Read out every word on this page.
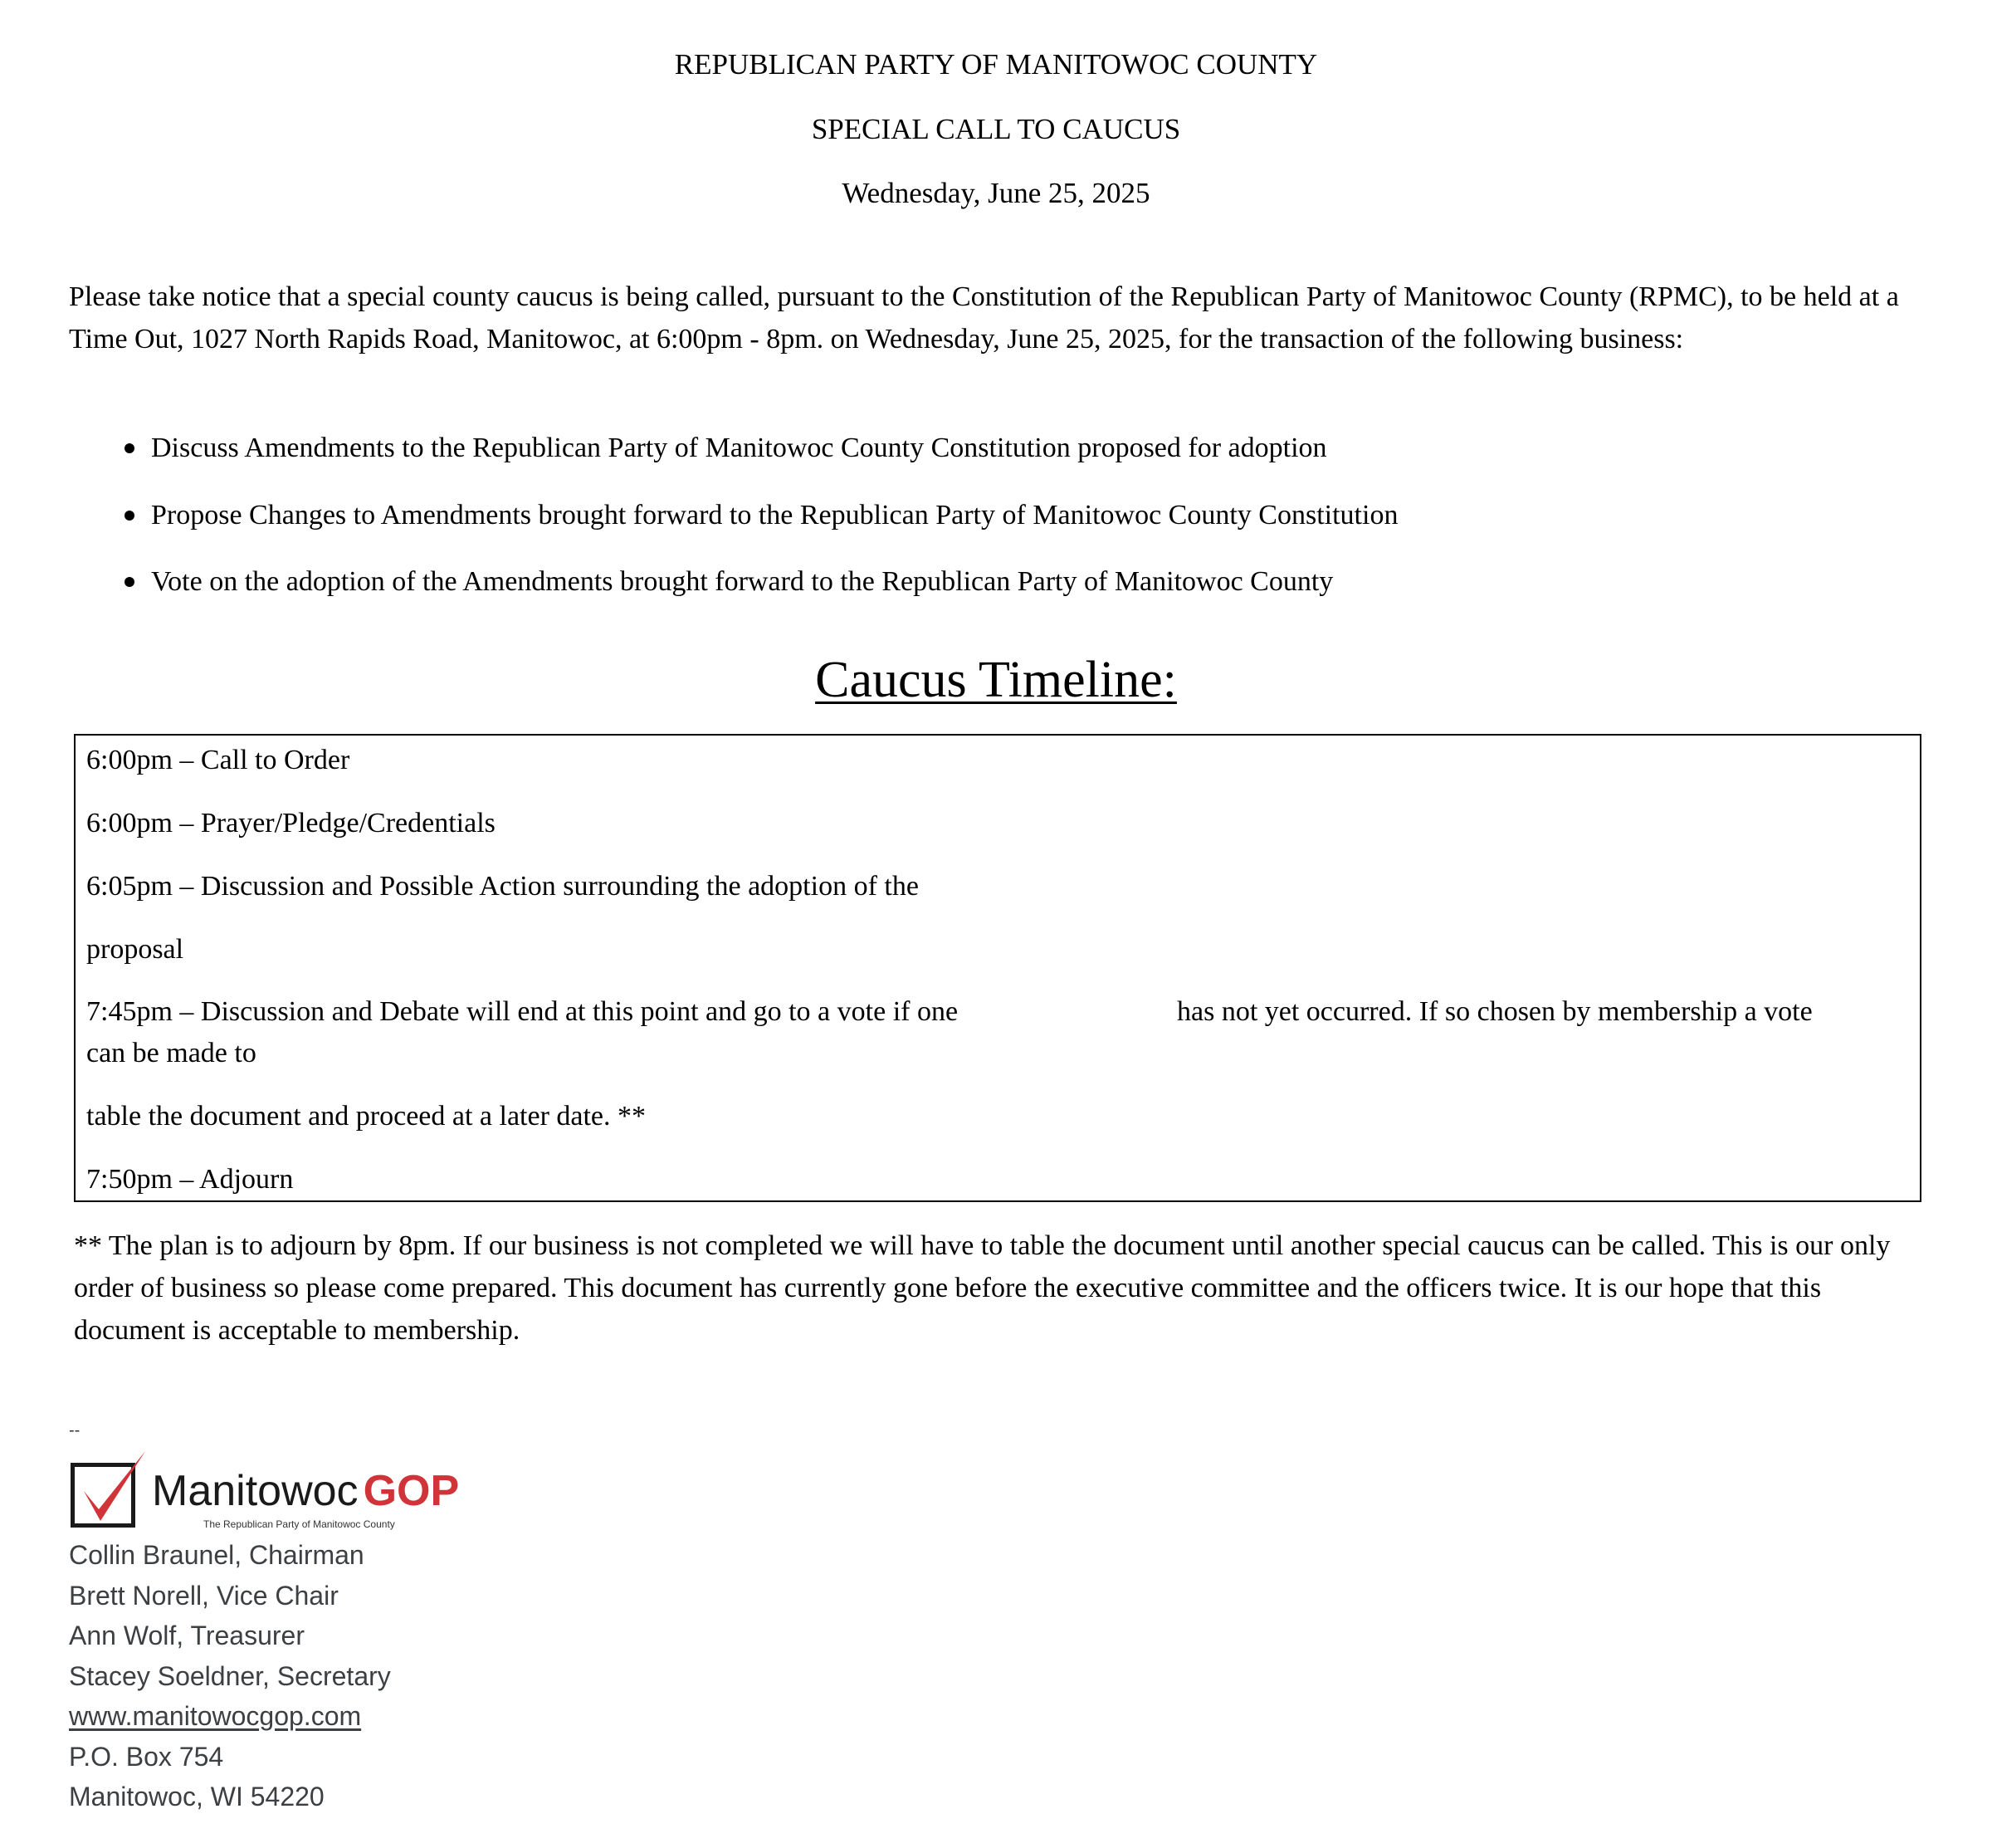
REPUBLICAN PARTY OF MANITOWOC COUNTY
SPECIAL CALL TO CAUCUS
Wednesday, June 25, 2025

Please take notice that a special county caucus is being called, pursuant to the Constitution of the Republican Party of Manitowoc County (RPMC), to be held at a Time Out, 1027 North Rapids Road, Manitowoc, at 6:00pm - 8pm. on Wednesday, June 25, 2025, for the transaction of the following business:

Discuss Amendments to the Republican Party of Manitowoc County Constitution proposed for adoption
Propose Changes to Amendments brought forward to the Republican Party of Manitowoc County Constitution
Vote on the adoption of the Amendments brought forward to the Republican Party of Manitowoc County
Caucus Timeline:
6:00pm – Call to Order
6:00pm – Prayer/Pledge/Credentials
6:05pm – Discussion and Possible Action surrounding the adoption of the
proposal
7:45pm – Discussion and Debate will end at this point and go to a vote if one	has not yet occurred. If so chosen by membership a vote
can be made to
table the document and proceed at a later date. **
7:50pm – Adjourn

** The plan is to adjourn by 8pm. If our business is not completed we will have to table the document until another special caucus can be called. This is our only order of business so please come prepared. This document has currently gone before the executive committee and the officers twice. It is our hope that this document is acceptable to membership.

--
Manitowoc GOP
The Republican Party of Manitowoc County
Collin Braunel, Chairman
Brett Norell, Vice Chair
Ann Wolf, Treasurer
Stacey Soeldner, Secretary
www.manitowocgop.com
P.O. Box 754
Manitowoc, WI 54220
